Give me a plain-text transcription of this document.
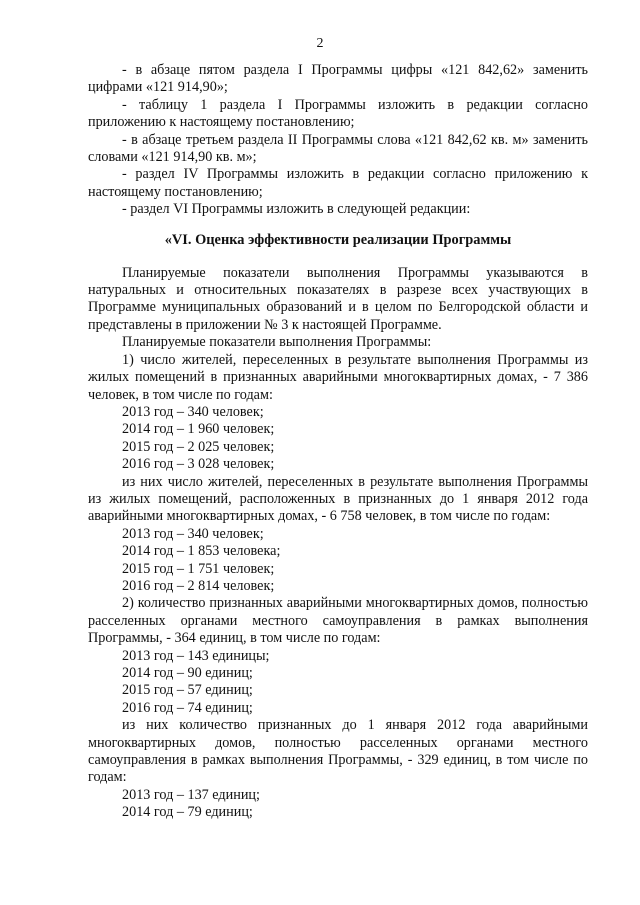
2

- в абзаце пятом раздела I Программы цифры «121 842,62» заменить цифрами «121 914,90»;

- таблицу 1 раздела I Программы изложить в редакции согласно приложению к настоящему постановлению;

- в абзаце третьем раздела II Программы слова «121 842,62 кв. м» заменить словами «121 914,90 кв. м»;

- раздел IV Программы изложить в редакции согласно приложению к настоящему постановлению;

- раздел VI Программы изложить в следующей редакции:

«VI. Оценка эффективности реализации Программы

Планируемые показатели выполнения Программы указываются в натуральных и относительных показателях в разрезе всех участвующих в Программе муниципальных образований и в целом по Белгородской области и представлены в приложении № 3 к настоящей Программе.

Планируемые показатели выполнения Программы:

1) число жителей, переселенных в результате выполнения Программы из жилых помещений в признанных аварийными многоквартирных домах, - 7 386 человек, в том числе по годам:

2013 год – 340 человек;

2014 год – 1 960 человек;

2015 год – 2 025 человек;

2016 год – 3 028 человек;

из них число жителей, переселенных в результате выполнения Программы из жилых помещений, расположенных в признанных до 1 января 2012 года аварийными многоквартирных домах, - 6 758 человек, в том числе по годам:

2013 год – 340 человек;

2014 год – 1 853 человека;

2015 год – 1 751 человек;

2016 год – 2 814 человек;

2) количество признанных аварийными многоквартирных домов, полностью расселенных органами местного самоуправления в рамках выполнения Программы, - 364 единиц, в том числе по годам:

2013 год – 143 единицы;

2014 год – 90 единиц;

2015 год – 57 единиц;

2016 год – 74 единиц;

из них количество признанных до 1 января 2012 года аварийными многоквартирных домов, полностью расселенных органами местного самоуправления в рамках выполнения Программы, - 329 единиц, в том числе по годам:

2013 год – 137 единиц;

2014 год – 79 единиц;
